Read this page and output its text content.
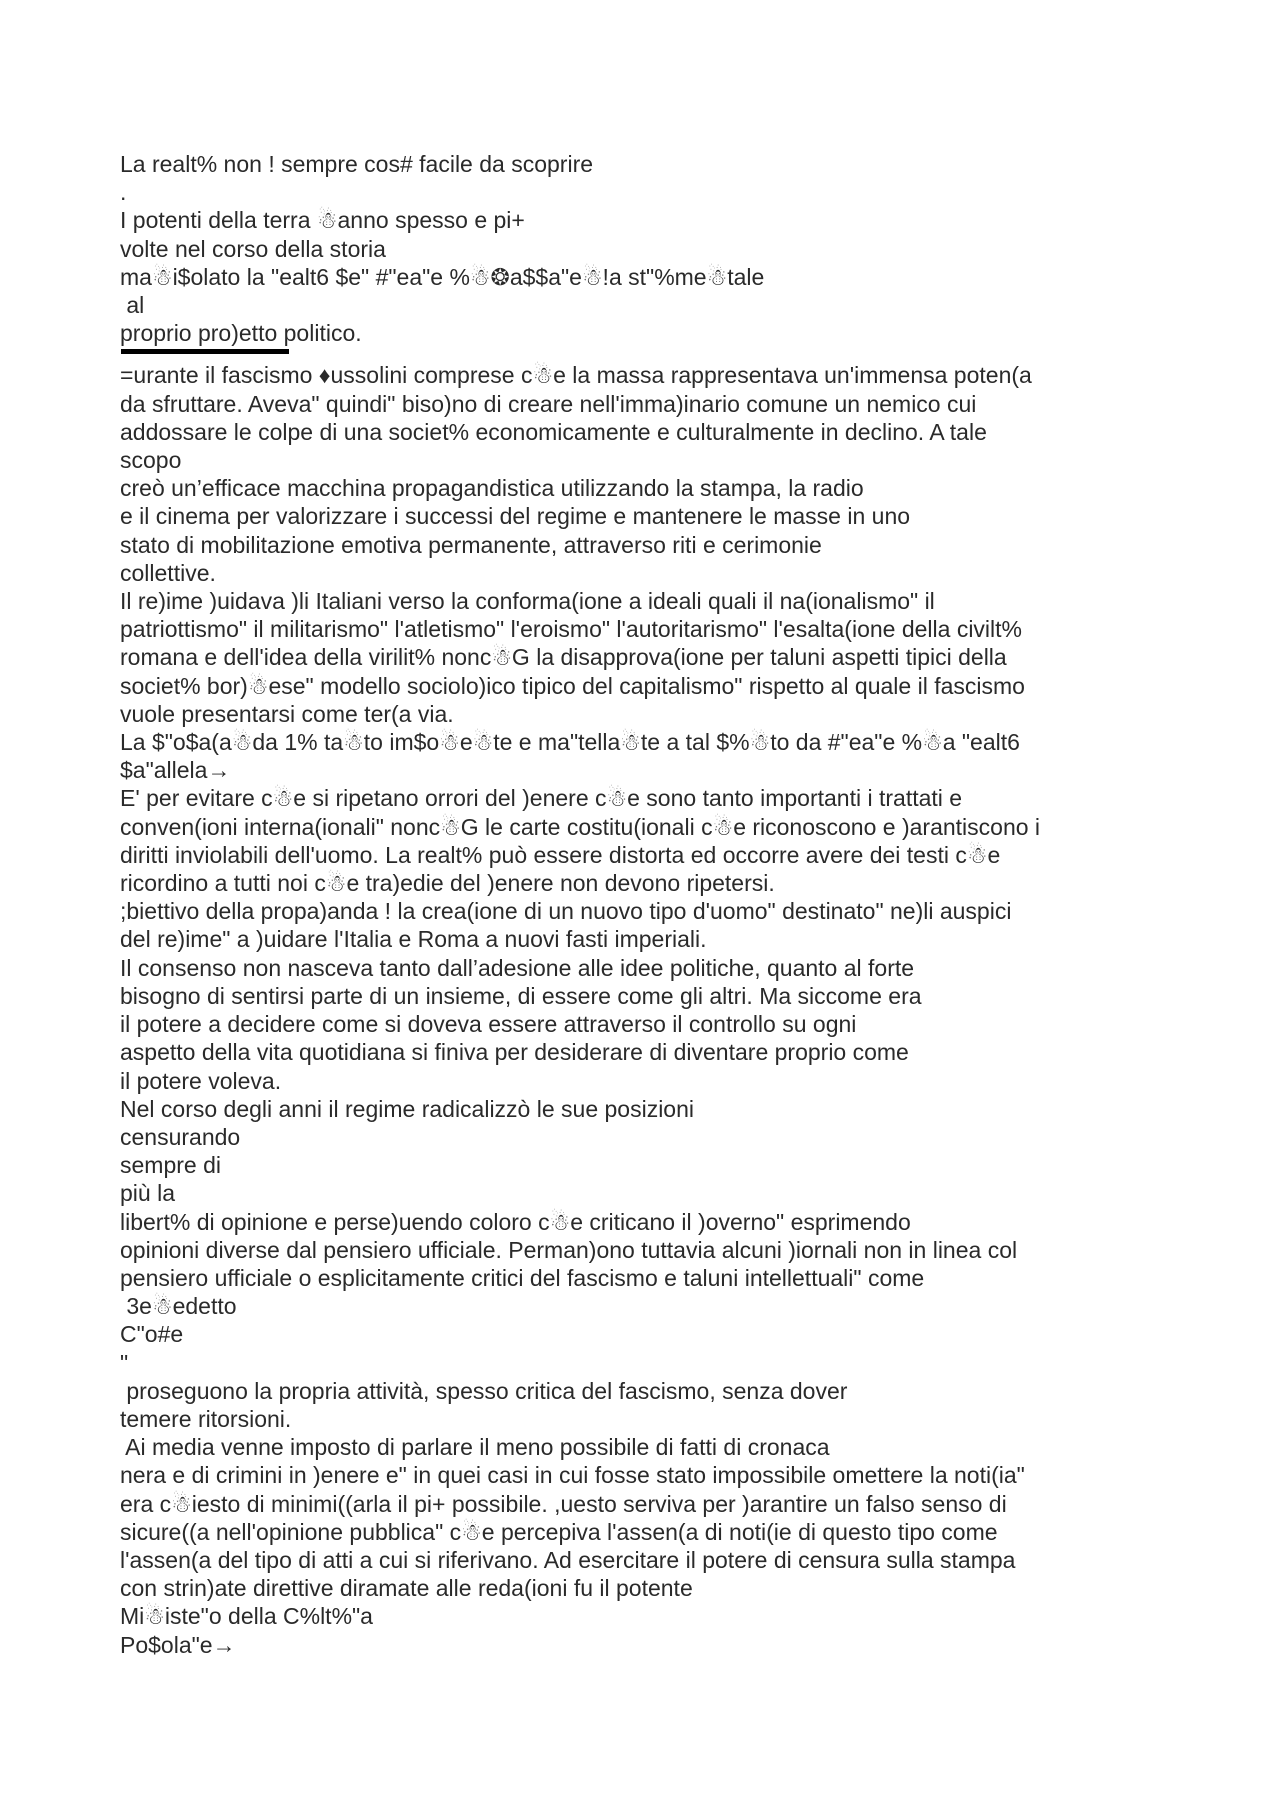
La realt% non ! sempre cos# facile da scoprire
.
I potenti della terra ☃anno spesso e pi+
volte nel corso della storia
ma☃i$olato la "ealt6 $e" #"ea"e %☃❂a$$a"e☃!a st"%me☃tale
al
proprio pro)etto politico.
=urante il fascismo ♦ussolini comprese c☃e la massa rappresentava un'immensa poten(a
da sfruttare. Aveva" quindi" biso)no di creare nell'imma)inario comune un nemico cui
addossare le colpe di una societ% economicamente e culturalmente in declino. A tale
scopo
creò un’efficace macchina propagandistica utilizzando la stampa, la radio
e il cinema per valorizzare i successi del regime e mantenere le masse in uno
stato di mobilitazione emotiva permanente, attraverso riti e cerimonie
collettive.
Il re)ime )uidava )li Italiani verso la conforma(ione a ideali quali il na(ionalismo" il
patriottismo" il militarismo" l'atletismo" l'eroismo" l'autoritarismo" l'esalta(ione della civilt%
romana e dell'idea della virilit% nonc☃G la disapprova(ione per taluni aspetti tipici della
societ% bor)☃ese" modello sociolo)ico tipico del capitalismo" rispetto al quale il fascismo
vuole presentarsi come ter(a via.
La $"o$a(a☃da 1% ta☃to im$o☃e☃te e ma"tella☃te a tal $%☃to da #"ea"e %☃a "ealt6
$a"allela→
E' per evitare c☃e si ripetano orrori del )enere c☃e sono tanto importanti i trattati e
conven(ioni interna(ionali" nonc☃G le carte costitu(ionali c☃e riconoscono e )arantiscono i
diritti inviolabili dell'uomo. La realt% può essere distorta ed occorre avere dei testi c☃e
ricordino a tutti noi c☃e tra)edie del )enere non devono ripetersi.
;biettivo della propa)anda ! la crea(ione di un nuovo tipo d'uomo" destinato" ne)li auspici
del re)ime" a )uidare l'Italia e Roma a nuovi fasti imperiali.
Il consenso non nasceva tanto dall’adesione alle idee politiche, quanto al forte
bisogno di sentirsi parte di un insieme, di essere come gli altri. Ma siccome era
il potere a decidere come si doveva essere attraverso il controllo su ogni
aspetto della vita quotidiana si finiva per desiderare di diventare proprio come
il potere voleva.
Nel corso degli anni il regime radicalizzò le sue posizioni
censurando
sempre di
più la
libert% di opinione e perse)uendo coloro c☃e criticano il )overno" esprimendo
opinioni diverse dal pensiero ufficiale. Perman)ono tuttavia alcuni )iornali non in linea col
pensiero ufficiale o esplicitamente critici del fascismo e taluni intellettuali" come
3e☃edetto
C"o#e
"
proseguono la propria attività, spesso critica del fascismo, senza dover
temere ritorsioni.
Ai media venne imposto di parlare il meno possibile di fatti di cronaca
nera e di crimini in )enere e" in quei casi in cui fosse stato impossibile omettere la noti(ia"
era c☃iesto di minimi((arla il pi+ possibile. ,uesto serviva per )arantire un falso senso di
sicure((a nell'opinione pubblica" c☃e percepiva l'assen(a di noti(ie di questo tipo come
l'assen(a del tipo di atti a cui si riferivano. Ad esercitare il potere di censura sulla stampa
con strin)ate direttive diramate alle reda(ioni fu il potente
Mi☃iste"o della C%lt%"a
Po$ola"e→
